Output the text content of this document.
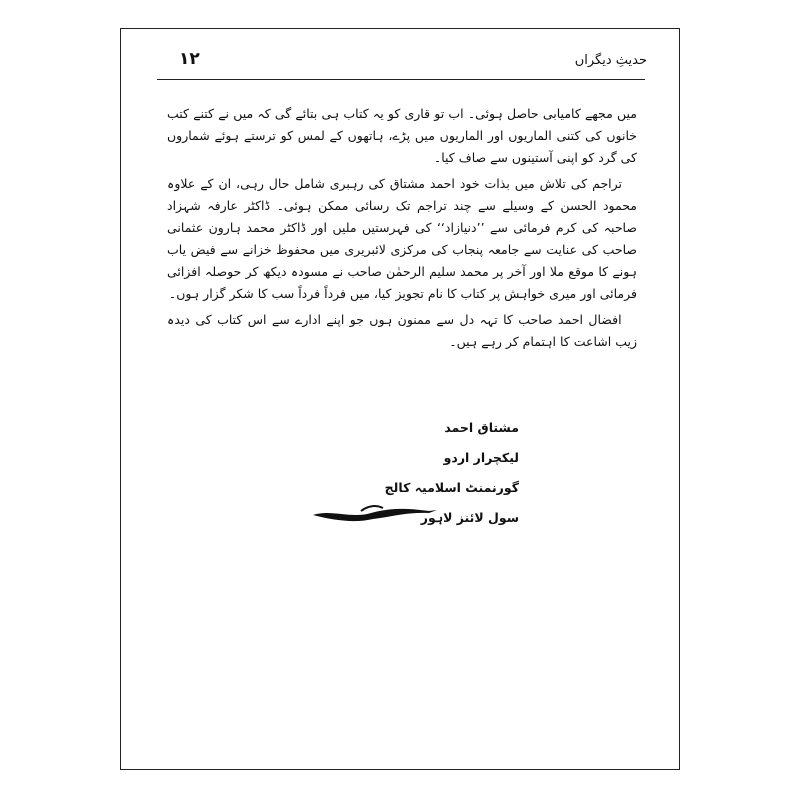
۱۲	حدیثِ دیگراں

میں مجھے کامیابی حاصل ہوئی۔ اب تو قاری کو یہ کتاب ہی بتائے گی کہ میں نے کتنے کتب خانوں کی کتنی الماریوں اور الماریوں میں پڑے، ہاتھوں کے لمس کو ترستے ہوئے شماروں کی گرد کو اپنی آستینوں سے صاف کیا۔

تراجم کی تلاش میں بذات خود احمد مشتاق کی رہبری شامل حال رہی، ان کے علاوہ محمود الحسن کے وسیلے سے چند تراجم تک رسائی ممکن ہوئی۔ ڈاکٹر عارفہ شہزاد صاحبہ کی کرم فرمائی سے ’’دنیازاد‘‘ کی فہرستیں ملیں اور ڈاکٹر محمد ہارون عثمانی صاحب کی عنایت سے جامعہ پنجاب کی مرکزی لائبریری میں محفوظ خزانے سے فیض یاب ہونے کا موقع ملا اور آخر پر محمد سلیم الرحمٰن صاحب نے مسودہ دیکھ کر حوصلہ افزائی فرمائی اور میری خواہش پر کتاب کا نام تجویز کیا، میں فرداً فرداً سب کا شکر گزار ہوں۔

افضال احمد صاحب کا تہہ دل سے ممنون ہوں جو اپنے ادارے سے اس کتاب کی دیدہ زیب اشاعت کا اہتمام کر رہے ہیں۔

مشتاق احمد
لیکچرار اردو
گورنمنٹ اسلامیہ کالج
سول لائنز لاہور
